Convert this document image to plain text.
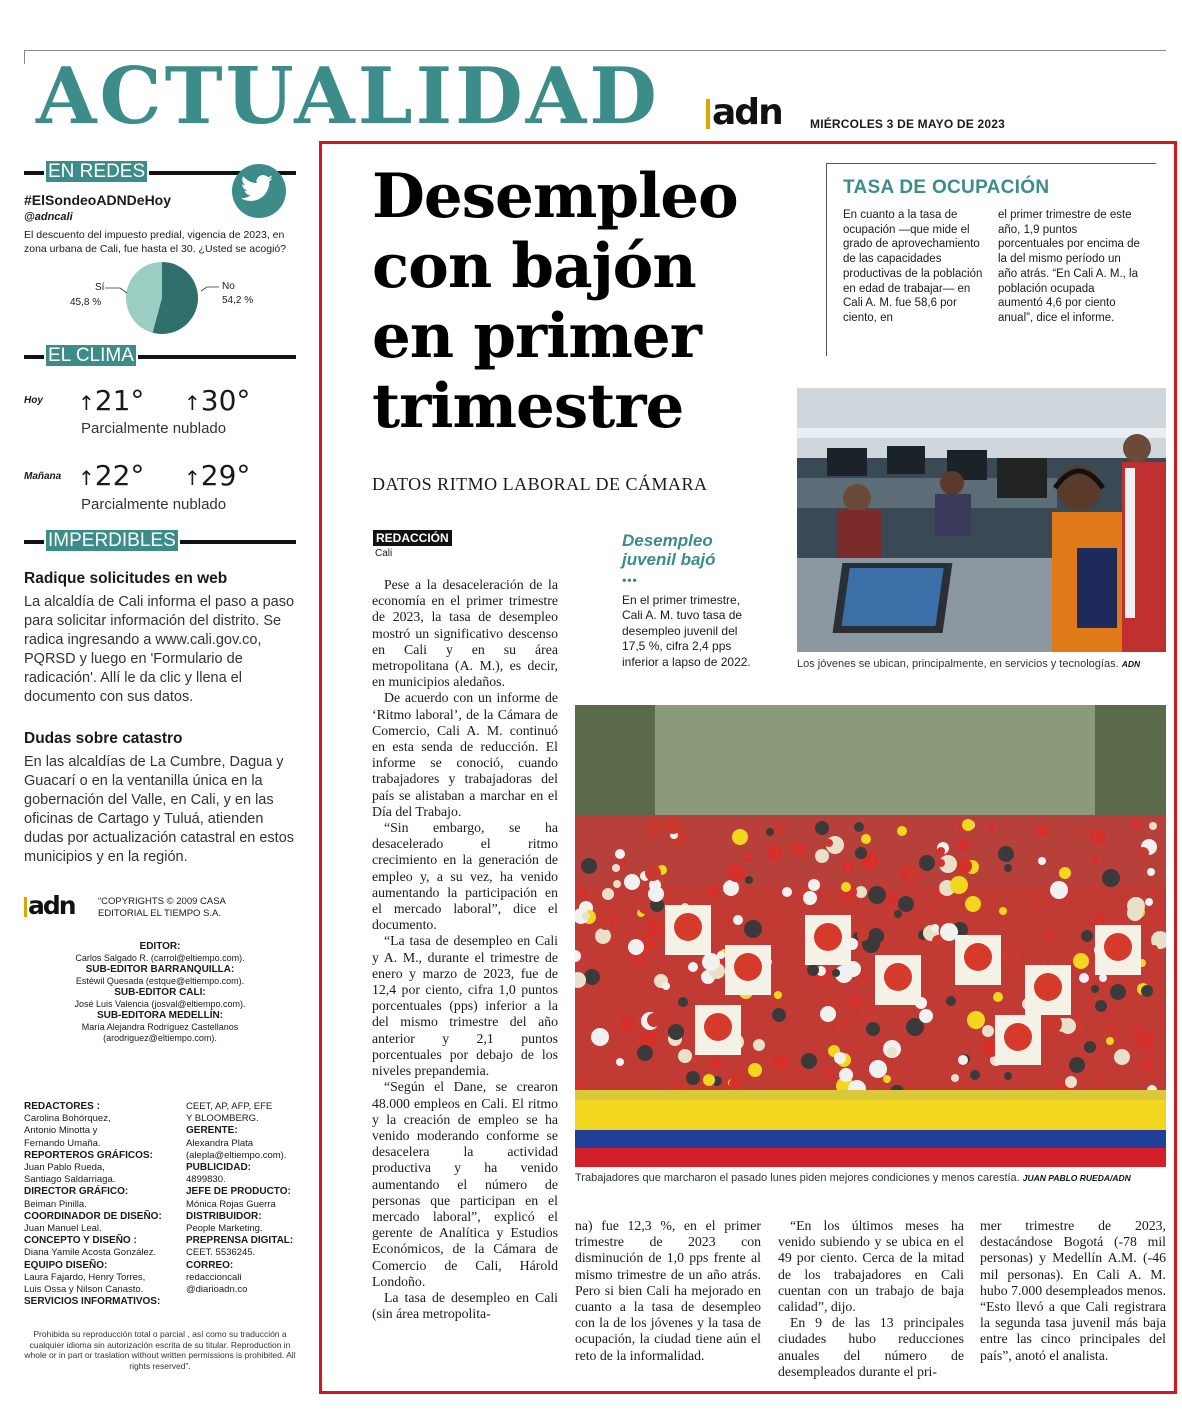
ACTUALIDAD adn MIÉRCOLES 3 DE MAYO DE 2023
EN REDES
#ElSondeoADNDeHoy
@adncali
El descuento del impuesto predial, vigencia de 2023, en zona urbana de Cali, fue hasta el 30. ¿Usted se acogió?
Sí
45,8 %
No
54,2 %
EL CLIMA
Hoy ↑21° ↑30°
Parcialmente nublado
Mañana ↑22° ↑29°
Parcialmente nublado
IMPERDIBLES
Radique solicitudes en web
La alcaldía de Cali informa el paso a paso para solicitar información del distrito. Se radica ingresando a www.cali.gov.co, PQRSD y luego en 'Formulario de radicación'. Allí le da clic y llena el documento con sus datos.
Dudas sobre catastro
En las alcaldías de La Cumbre, Dagua y Guacarí o en la ventanilla única en la gobernación del Valle, en Cali, y en las oficinas de Cartago y Tuluá, atienden dudas por actualización catastral en estos municipios y en la región.
adn “COPYRIGHTS © 2009 CASA EDITORIAL EL TIEMPO S.A.
EDITOR:
Carlos Salgado R. (carrol@eltiempo.com).
SUB-EDITOR BARRANQUILLA:
Estéwil Quesada (estque@eltiempo.com).
SUB-EDITOR CALI:
José Luis Valencia (josval@eltiempo.com).
SUB-EDITORA MEDELLÍN:
María Alejandra Rodríguez Castellanos
(arodriguez@eltiempo.com).
REDACTORES :
Carolina Bohórquez,
Antonio Minotta y
Fernando Umaña.
REPORTEROS GRÁFICOS:
Juan Pablo Rueda,
Santiago Saldarriaga.
DIRECTOR GRÁFICO:
Beiman Pinilla.
COORDINADOR DE DISEÑO:
Juan Manuel Leal.
CONCEPTO Y DISEÑO :
Diana Yamile Acosta González.
EQUIPO DISEÑO:
Laura Fajardo, Henry Torres,
Luis Ossa y Nilson Canasto.
SERVICIOS INFORMATIVOS:
CEET, AP, AFP, EFE
Y BLOOMBERG.
GERENTE:
Alexandra Plata
(alepla@eltiempo.com).
PUBLICIDAD:
4899830.
JEFE DE PRODUCTO:
Mónica Rojas Guerra
DISTRIBUIDOR:
People Marketing.
PREPRENSA DIGITAL:
CEET. 5536245.
CORREO:
redaccioncali
@diarioadn.co
Prohibida su reproducción total o parcial , así como su traducción a cualquier idioma sin autorización escrita de su titular. Reproduction in whole or in part or traslation without written permissions is prohibited. All rights reserved”.
Desempleo con bajón en primer trimestre
DATOS RITMO LABORAL DE CÁMARA
TASA DE OCUPACIÓN
En cuanto a la tasa de ocupación —que mide el grado de aprovechamiento de las capacidades productivas de la población en edad de trabajar— en Cali A. M. fue 58,6 por ciento, en
el primer trimestre de este año, 1,9 puntos porcentuales por encima de la del mismo período un año atrás. “En Cali A. M., la población ocupada aumentó 4,6 por ciento anual”, dice el informe.
Los jóvenes se ubican, principalmente, en servicios y tecnologías. ADN
Trabajadores que marcharon el pasado lunes piden mejores condiciones y menos carestía. JUAN PABLO RUEDA/ADN
REDACCIÓN
Cali
Desempleo juvenil bajó
•••
En el primer trimestre, Cali A. M. tuvo tasa de desempleo juvenil del 17,5 %, cifra 2,4 pps inferior a lapso de 2022.

Pese a la desaceleración de la economía en el primer trimestre de 2023, la tasa de desempleo mostró un significativo descenso en Cali y en su área metropolitana (A. M.), es decir, en municipios aledaños.

De acuerdo con un informe de ‘Ritmo laboral’, de la Cámara de Comercio, Cali A. M. continuó en esta senda de reducción. El informe se conoció, cuando trabajadores y trabajadoras del país se alistaban a marchar en el Día del Trabajo.

“Sin embargo, se ha desacelerado el ritmo crecimiento en la generación de empleo y, a su vez, ha venido aumentando la participación en el mercado laboral”, dice el documento.

“La tasa de desempleo en Cali y A. M., durante el trimestre de enero y marzo de 2023, fue de 12,4 por ciento, cifra 1,0 puntos porcentuales (pps) inferior a la del mismo trimestre del año anterior y 2,1 puntos porcentuales por debajo de los niveles prepandemia.

“Según el Dane, se crearon 48.000 empleos en Cali. El ritmo y la creación de empleo se ha venido moderando conforme se desacelera la actividad productiva y ha venido aumentando el número de personas que participan en el mercado laboral”, explicó el gerente de Analítica y Estudios Económicos, de la Cámara de Comercio de Cali, Hárold Londoño.

La tasa de desempleo en Cali (sin área metropolita-

na) fue 12,3 %, en el primer trimestre de 2023 con disminución de 1,0 pps frente al mismo trimestre de un año atrás. Pero si bien Cali ha mejorado en cuanto a la tasa de desempleo con la de los jóvenes y la tasa de ocupación, la ciudad tiene aún el reto de la informalidad.

“En los últimos meses ha venido subiendo y se ubica en el 49 por ciento. Cerca de la mitad de los trabajadores en Cali cuentan con un trabajo de baja calidad”, dijo.

En 9 de las 13 principales ciudades hubo reducciones anuales del número de desempleados durante el pri-

mer trimestre de 2023, destacándose Bogotá (-78 mil personas) y Medellín A.M. (-46 mil personas). En Cali A. M. hubo 7.000 desempleados menos. “Esto llevó a que Cali registrara la segunda tasa juvenil más baja entre las cinco principales del país”, anotó el analista.
